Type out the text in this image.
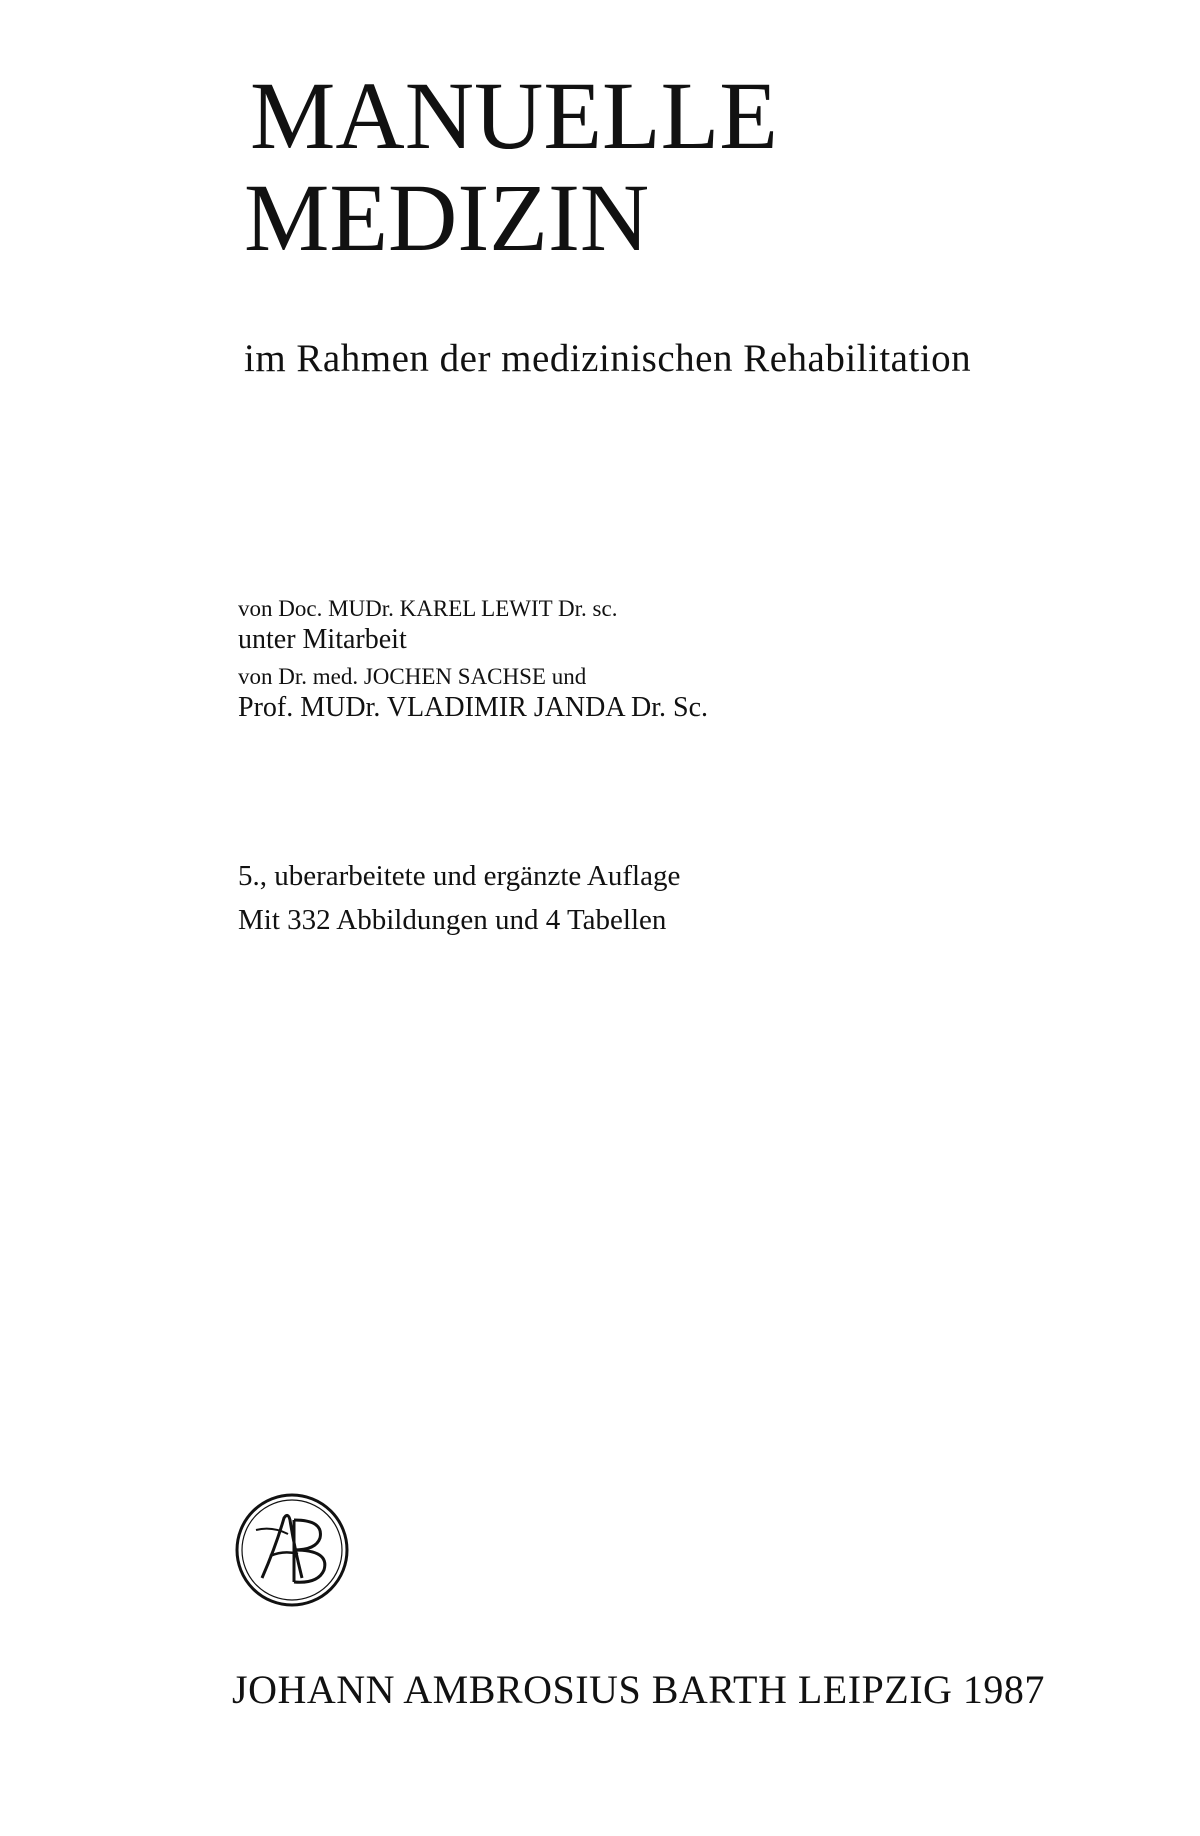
MANUELLE
MEDIZIN
im Rahmen der medizinischen Rehabilitation
von Doc. MUDr. KAREL LEWIT Dr. sc.
unter Mitarbeit
von Dr. med. JOCHEN SACHSE und
Prof. MUDr. VLADIMIR JANDA Dr. Sc.
5., uberarbeitete und ergänzte Auflage
Mit 332 Abbildungen und 4 Tabellen
JOHANN AMBROSIUS BARTH LEIPZIG 1987
